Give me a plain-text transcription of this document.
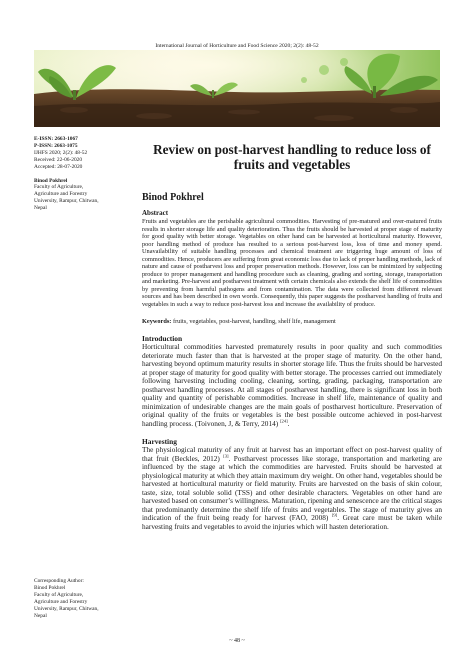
International Journal of Horticulture and Food Science 2020; 2(2): 48-52
E-ISSN: 2663-1067
P-ISSN: 2663-1075
IJHFS 2020; 2(2): 48-52
Received: 22-06-2020
Accepted: 28-07-2020
Binod Pokhrel
Faculty of Agriculture,
Agriculture and Forestry
University, Rampur, Chitwan,
Nepal
Corresponding Author:
Binod Pokhrel
Faculty of Agriculture,
Agriculture and Forestry
University, Rampur, Chitwan,
Nepal
Review on post-harvest handling to reduce loss of fruits and vegetables
Binod Pokhrel
Abstract
Fruits and vegetables are the perishable agricultural commodities. Harvesting of pre-matured and over-matured fruits results in shorter storage life and quality deterioration. Thus the fruits should be harvested at proper stage of maturity for good quality with better storage. Vegetables on other hand can be harvested at horticultural maturity. However, poor handling method of produce has resulted to a serious post-harvest loss, loss of time and money spend. Unavailability of suitable handling processes and chemical treatment are triggering huge amount of loss of commodities. Hence, producers are suffering from great economic loss due to lack of proper handling methods, lack of nature and cause of postharvest loss and proper preservation methods. However, loss can be minimized by subjecting produce to proper management and handling procedure such as cleaning, grading and sorting, storage, transportation and marketing. Pre-harvest and postharvest treatment with certain chemicals also extends the shelf life of commodities by preventing from harmful pathogens and from contamination. The data were collected from different relevant sources and has been described in own words. Consequently, this paper suggests the postharvest handling of fruits and vegetables in such a way to reduce post-harvest loss and increase the availability of produce.
Keywords: fruits, vegetables, post-harvest, handling, shelf life, management
Introduction
Horticultural commodities harvested prematurely results in poor quality and such commodities deteriorate much faster than that is harvested at the proper stage of maturity. On the other hand, harvesting beyond optimum maturity results in shorter storage life. Thus the fruits should be harvested at proper stage of maturity for good quality with better storage. The processes carried out immediately following harvesting including cooling, cleaning, sorting, grading, packaging, transportation are postharvest handling processes. At all stages of postharvest handling, there is significant loss in both quality and quantity of perishable commodities. Increase in shelf life, maintenance of quality and minimization of undesirable changes are the main goals of postharvest horticulture. Preservation of original quality of the fruits or vegetables is the best possible outcome achieved in post-harvest handling process. (Toivonen, J, & Terry, 2014) [24].
Harvesting
The physiological maturity of any fruit at harvest has an important effect on post-harvest quality of that fruit (Beckles, 2012) [3]. Postharvest processes like storage, transportation and marketing are influenced by the stage at which the commodities are harvested. Fruits should be harvested at physiological maturity at which they attain maximum dry weight. On other hand, vegetables should be harvested at horticultural maturity or field maturity. Fruits are harvested on the basis of skin colour, taste, size, total soluble solid (TSS) and other desirable characters. Vegetables on other hand are harvested based on consumer’s willingness. Maturation, ripening and senescence are the critical stages that predominantly determine the shelf life of fruits and vegetables. The stage of maturity gives an indication of the fruit being ready for harvest (FAO, 2008) [9]. Great care must be taken while harvesting fruits and vegetables to avoid the injuries which will hasten deterioration.
~ 48 ~
